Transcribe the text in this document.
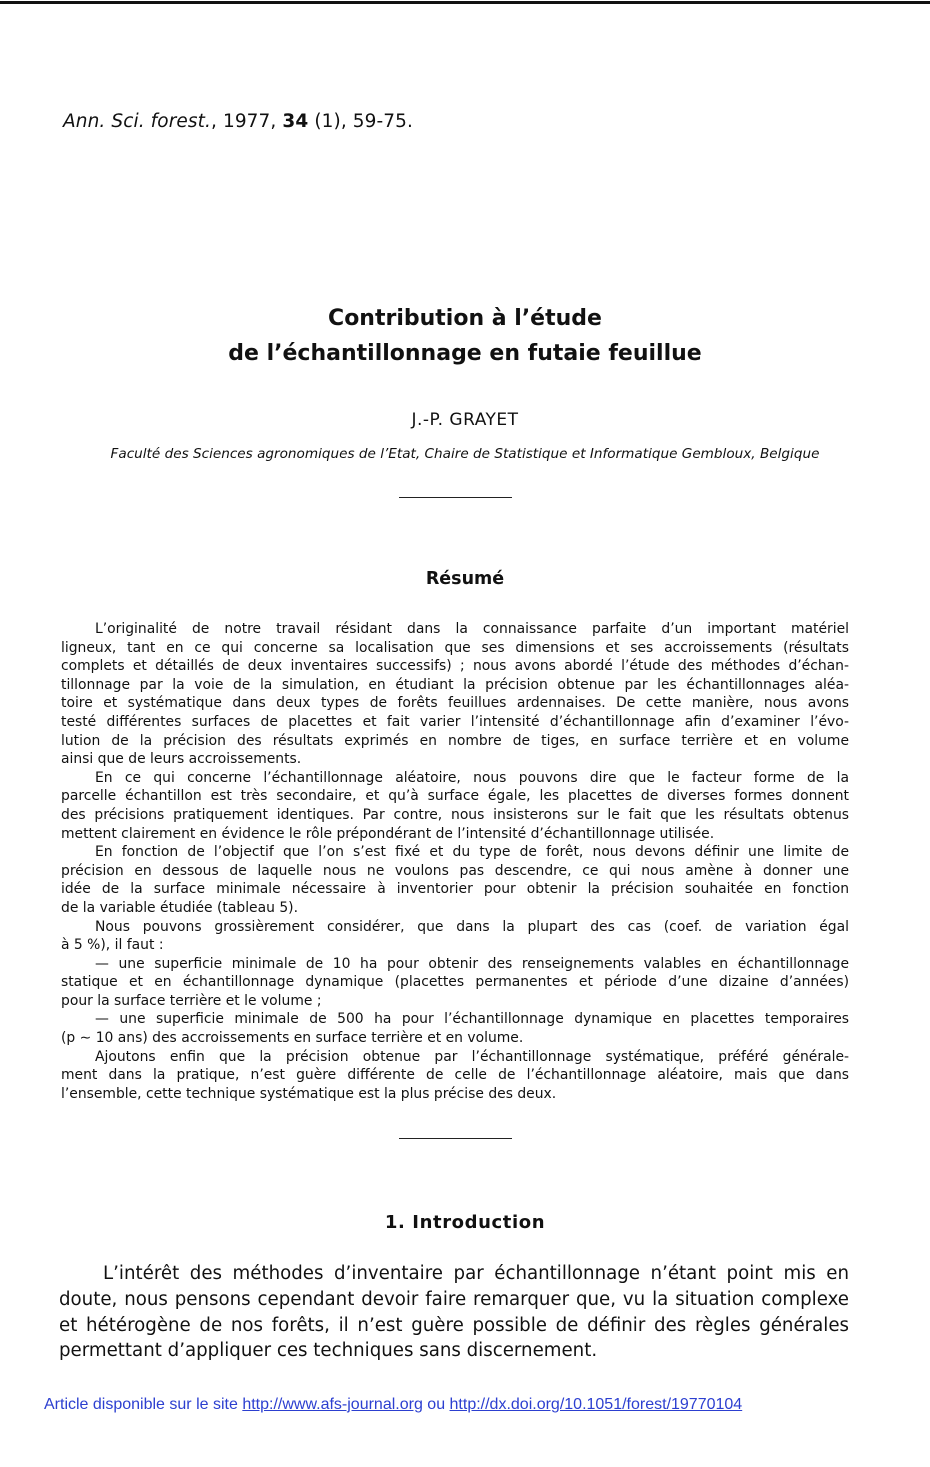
Ann. Sci. forest., 1977, 34 (1), 59-75.
Contribution à l’étude
de l’échantillonnage en futaie feuillue
J.-P. GRAYET
Faculté des Sciences agronomiques de l’Etat, Chaire de Statistique et Informatique Gembloux, Belgique
Résumé
L’originalité de notre travail résidant dans la connaissance parfaite d’un important matériel
ligneux, tant en ce qui concerne sa localisation que ses dimensions et ses accroissements (résultats
complets et détaillés de deux inventaires successifs) ; nous avons abordé l’étude des méthodes d’échan-
tillonnage par la voie de la simulation, en étudiant la précision obtenue par les échantillonnages aléa-
toire et systématique dans deux types de forêts feuillues ardennaises. De cette manière, nous avons
testé différentes surfaces de placettes et fait varier l’intensité d’échantillonnage afin d’examiner l’évo-
lution de la précision des résultats exprimés en nombre de tiges, en surface terrière et en volume
ainsi que de leurs accroissements.
En ce qui concerne l’échantillonnage aléatoire, nous pouvons dire que le facteur forme de la
parcelle échantillon est très secondaire, et qu’à surface égale, les placettes de diverses formes donnent
des précisions pratiquement identiques. Par contre, nous insisterons sur le fait que les résultats obtenus
mettent clairement en évidence le rôle prépondérant de l’intensité d’échantillonnage utilisée.
En fonction de l’objectif que l’on s’est fixé et du type de forêt, nous devons définir une limite de
précision en dessous de laquelle nous ne voulons pas descendre, ce qui nous amène à donner une
idée de la surface minimale nécessaire à inventorier pour obtenir la précision souhaitée en fonction
de la variable étudiée (tableau 5).
Nous pouvons grossièrement considérer, que dans la plupart des cas (coef. de variation égal
à 5 %), il faut :
— une superficie minimale de 10 ha pour obtenir des renseignements valables en échantillonnage
statique et en échantillonnage dynamique (placettes permanentes et période d’une dizaine d’années)
pour la surface terrière et le volume ;
— une superficie minimale de 500 ha pour l’échantillonnage dynamique en placettes temporaires
(p ∼ 10 ans) des accroissements en surface terrière et en volume.
Ajoutons enfin que la précision obtenue par l’échantillonnage systématique, préféré générale-
ment dans la pratique, n’est guère différente de celle de l’échantillonnage aléatoire, mais que dans
l’ensemble, cette technique systématique est la plus précise des deux.
1. Introduction
L’intérêt des méthodes d’inventaire par échantillonnage n’étant point mis en
doute, nous pensons cependant devoir faire remarquer que, vu la situation complexe
et hétérogène de nos forêts, il n’est guère possible de définir des règles générales
permettant d’appliquer ces techniques sans discernement.
Article disponible sur le site http://www.afs-journal.org ou http://dx.doi.org/10.1051/forest/19770104
